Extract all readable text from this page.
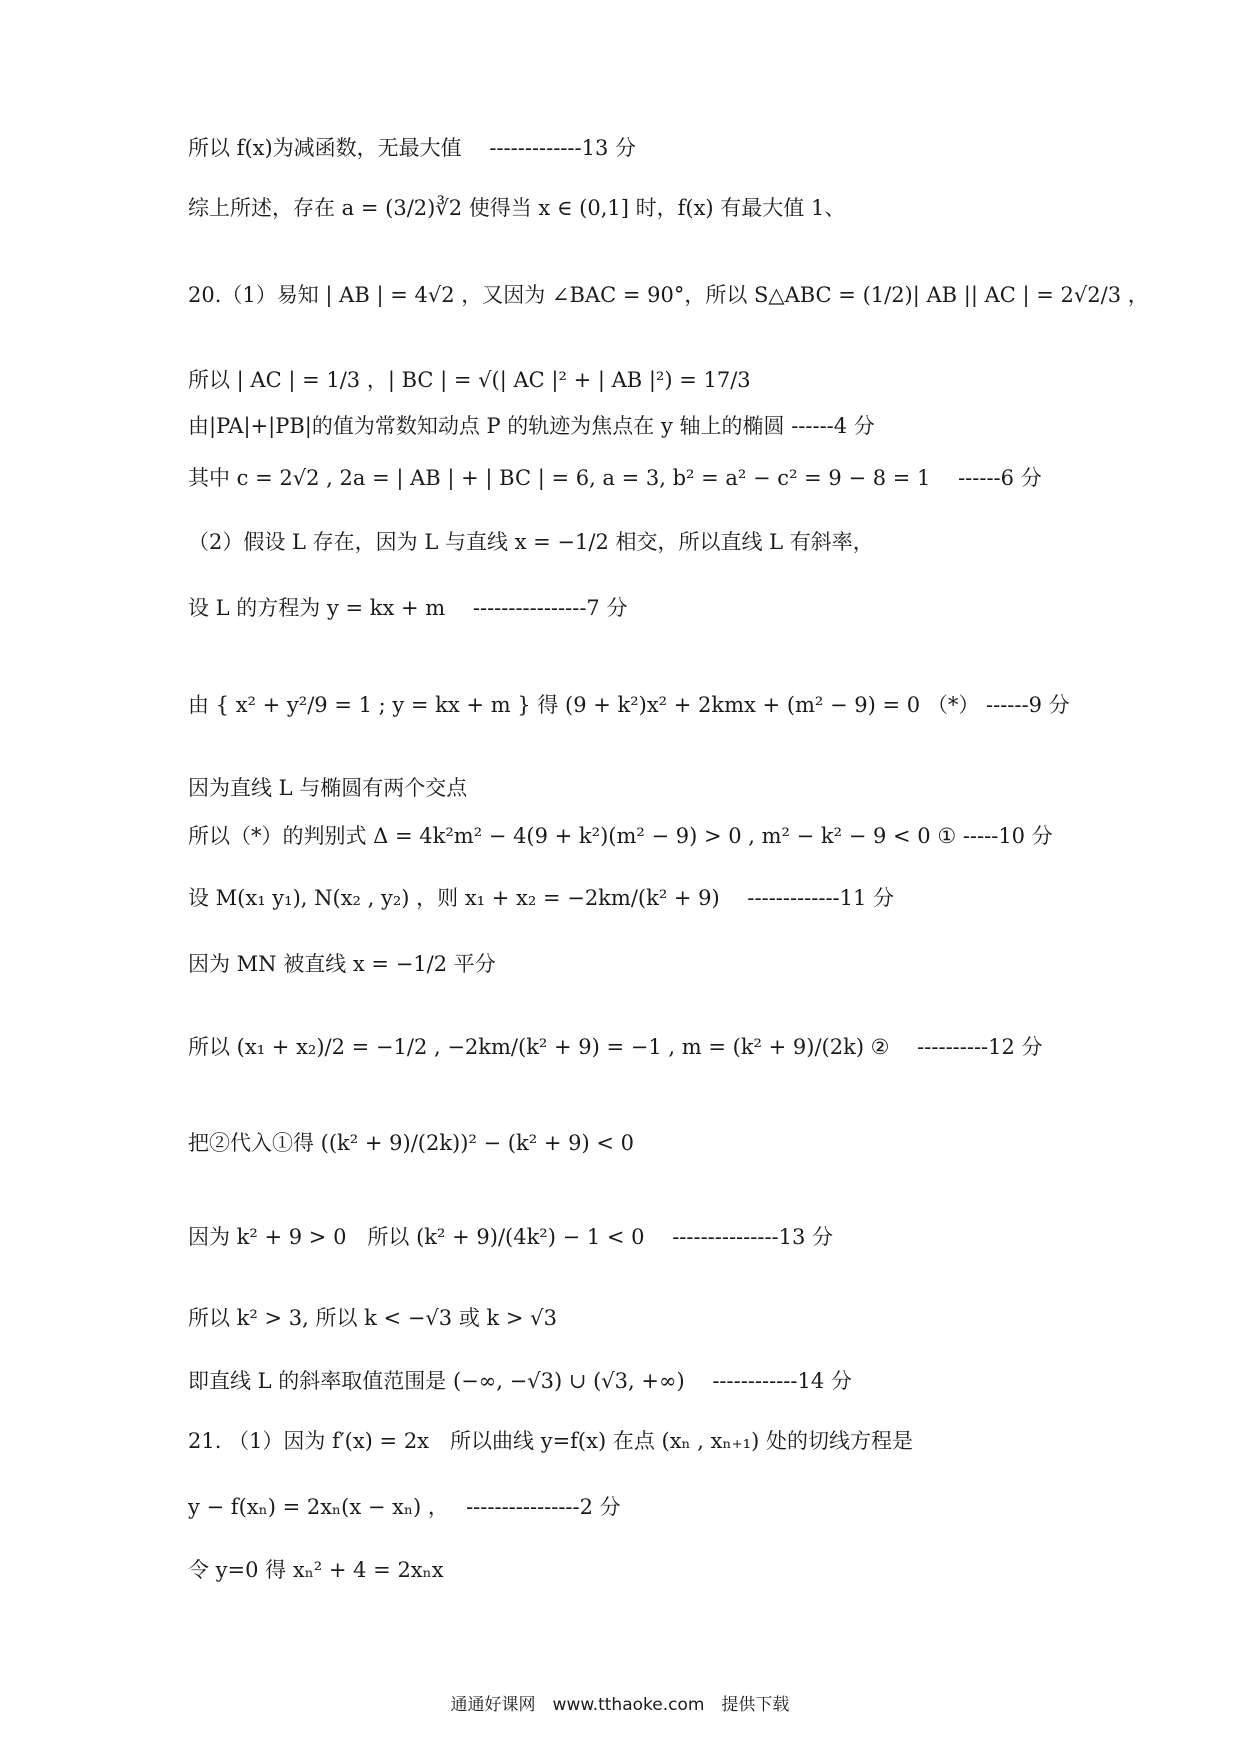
所以 f(x)为减函数，无最大值　 -------------13 分
综上所述，存在 a = (3/2)∛2 使得当 x ∈ (0,1] 时，f(x) 有最大值 1、
20.（1）易知 | AB | = 4√2 ，又因为 ∠BAC = 90°，所以 S△ABC = (1/2)| AB || AC | = 2√2/3 ，
所以 | AC | = 1/3 ，| BC | = √(| AC |² + | AB |²) = 17/3
由|PA|+|PB|的值为常数知动点 P 的轨迹为焦点在 y 轴上的椭圆 ------4 分
其中 c = 2√2 , 2a = | AB | + | BC | = 6, a = 3, b² = a² − c² = 9 − 8 = 1　 ------6 分
（2）假设 L 存在，因为 L 与直线 x = −1/2 相交，所以直线 L 有斜率，
设 L 的方程为 y = kx + m　 ----------------7 分
由 { x² + y²/9 = 1 ; y = kx + m } 得 (9 + k²)x² + 2kmx + (m² − 9) = 0 （*） ------9 分
因为直线 L 与椭圆有两个交点
所以（*）的判别式 Δ = 4k²m² − 4(9 + k²)(m² − 9) > 0 , m² − k² − 9 < 0 ① -----10 分
设 M(x₁ y₁), N(x₂ , y₂) ，则 x₁ + x₂ = −2km/(k² + 9)　 -------------11 分
因为 MN 被直线 x = −1/2 平分
所以 (x₁ + x₂)/2 = −1/2 , −2km/(k² + 9) = −1 , m = (k² + 9)/(2k) ②　 ----------12 分
把②代入①得 ((k² + 9)/(2k))² − (k² + 9) < 0
因为 k² + 9 > 0　所以 (k² + 9)/(4k²) − 1 < 0　 ---------------13 分
所以 k² > 3, 所以 k < −√3 或 k > √3
即直线 L 的斜率取值范围是 (−∞, −√3) ∪ (√3, +∞)　 ------------14 分
21. （1）因为 f′(x) = 2x　所以曲线 y=f(x) 在点 (xₙ , xₙ₊₁) 处的切线方程是
y − f(xₙ) = 2xₙ(x − xₙ) ，　 ----------------2 分
令 y=0 得 xₙ² + 4 = 2xₙx
通通好课网　www.tthaoke.com　提供下载
